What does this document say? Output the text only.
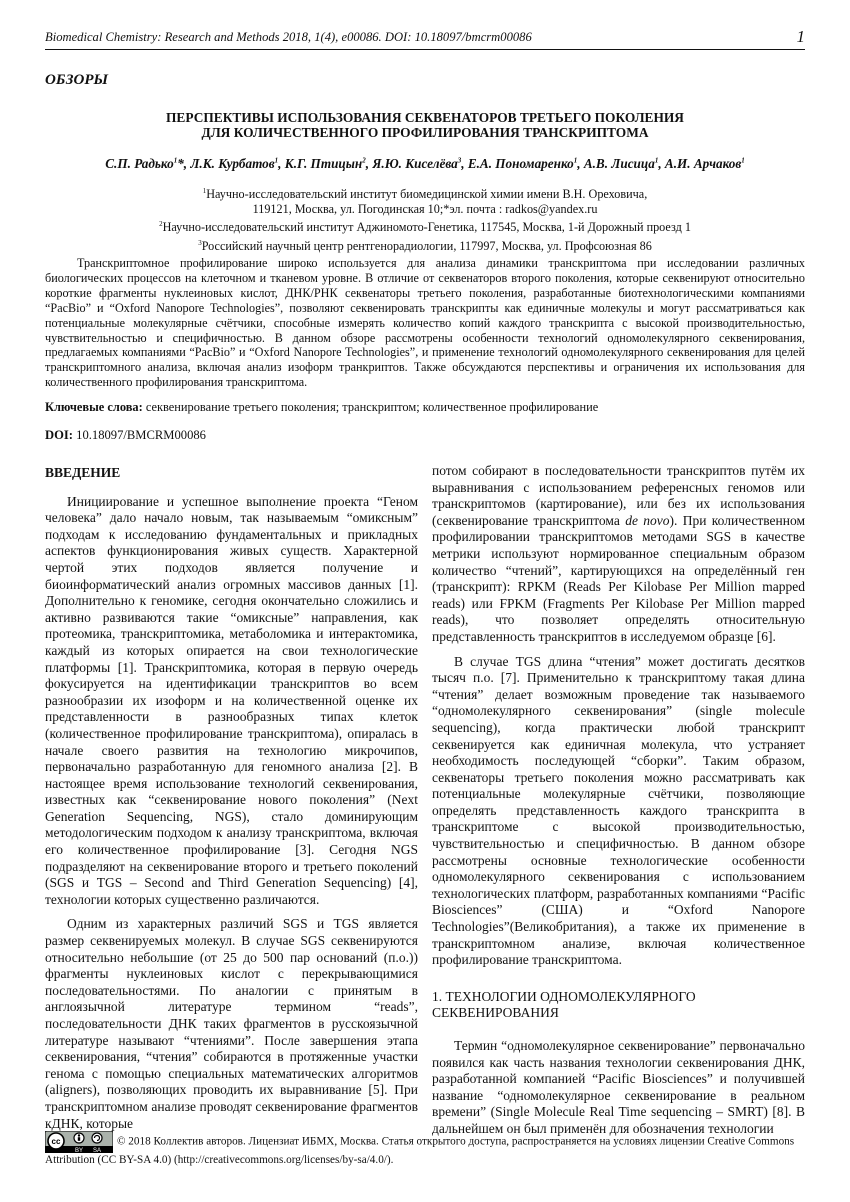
Biomedical Chemistry: Research and Methods 2018, 1(4), e00086. DOI: 10.18097/bmcrm00086	1
ОБЗОРЫ
ПЕРСПЕКТИВЫ ИСПОЛЬЗОВАНИЯ СЕКВЕНАТОРОВ ТРЕТЬЕГО ПОКОЛЕНИЯ
ДЛЯ КОЛИЧЕСТВЕННОГО ПРОФИЛИРОВАНИЯ ТРАНСКРИПТОМА
С.П. Радько$^1$*, Л.К. Курбатов$^1$, К.Г. Птицын$^2$, Я.Ю. Киселёва$^3$, Е.А. Пономаренко$^1$, А.В. Лисица$^1$, А.И. Арчаков$^1$
$^1$Научно-исследовательский институт биомедицинской химии имени В.Н. Ореховича,
119121, Москва, ул. Погодинская 10;*эл. почта : radkos@yandex.ru
$^2$Научно-исследовательский институт Аджиномото-Генетика, 117545, Москва, 1-й Дорожный проезд 1
$^3$Российский научный центр рентгенорадиологии, 117997, Москва, ул. Профсоюзная 86
Транскриптомное профилирование широко используется для анализа динамики транскриптома при исследовании различных биологических процессов на клеточном и тканевом уровне. В отличие от секвенаторов второго поколения, которые секвенируют относительно короткие фрагменты нуклеиновых кислот, ДНК/РНК секвенаторы третьего поколения, разработанные биотехнологическими компаниями “PacBio” и “Oxford Nanopore Technologies”, позволяют секвенировать транскрипты как единичные молекулы и могут рассматриваться как потенциальные молекулярные счётчики, способные измерять количество копий каждого транскрипта с высокой производительностью, чувствительностью и специфичностью. В данном обзоре рассмотрены особенности технологий одномолекулярного секвенирования, предлагаемых компаниями “PacBio” и “Oxford Nanopore Technologies”, и применение технологий одномолекулярного секвенирования для целей транскриптомного анализа, включая анализ изоформ транкриптов. Также обсуждаются перспективы и ограничения их использования для количественного профилирования транскриптома.
Ключевые слова: секвенирование третьего поколения; транскриптом; количественное профилирование
DOI: 10.18097/BMCRM00086
ВВЕДЕНИЕ

Инициирование и успешное выполнение проекта “Геном человека” дало начало новым, так называемым “омиксным” подходам к исследованию фундаментальных и прикладных аспектов функционирования живых существ. Характерной чертой этих подходов является получение и биоинформатический анализ огромных массивов данных [1]. Дополнительно к геномике, сегодня окончательно сложились и активно развиваются такие “омиксные” направления, как протеомика, транскриптомика, метаболомика и интерактомика, каждый из которых опирается на свои технологические платформы [1]. Транскриптомика, которая в первую очередь фокусируется на идентификации транскриптов во всем разнообразии их изоформ и на количественной оценке их представленности в разнообразных типах клеток (количественное профилирование транскриптома), опиралась в начале своего развития на технологию микрочипов, первоначально разработанную для геномного анализа [2]. В настоящее время использование технологий секвенирования, известных как “секвенирование нового поколения” (Next Generation Sequencing, NGS), стало доминирующим методологическим подходом к анализу транскриптома, включая его количественное профилирование [3]. Сегодня NGS подразделяют на секвенирование второго и третьего поколений (SGS и TGS – Second and Third Generation Sequencing) [4], технологии которых существенно различаются.

Одним из характерных различий SGS и TGS является размер секвенируемых молекул. В случае SGS секвенируются относительно небольшие (от 25 до 500 пар оснований (п.о.)) фрагменты нуклеиновых кислот с перекрывающимися последовательностями. По аналогии с принятым в англоязычной литературе термином “reads”, последовательности ДНК таких фрагментов в русскоязычной литературе называют “чтениями”. После завершения этапа секвенирования, “чтения” собираются в протяженные участки генома с помощью специальных математических алгоритмов (aligners), позволяющих проводить их выравнивание [5]. При транскриптомном анализе проводят секвенирование фрагментов кДНК, которые

потом собирают в последовательности транскриптов путём их выравнивания с использованием референсных геномов или транскриптомов (картирование), или без их использования (секвенирование транскриптома de novo). При количественном профилировании транскриптомов методами SGS в качестве метрики используют нормированное специальным образом количество “чтений”, картирующихся на определённый ген (транскрипт): RPKM (Reads Per Kilobase Per Million mapped reads) или FPKM (Fragments Per Kilobase Per Million mapped reads), что позволяет определять относительную представленность транскриптов в исследуемом образце [6].

В случае TGS длина “чтения” может достигать десятков тысяч п.о. [7]. Применительно к транскриптому такая длина “чтения” делает возможным проведение так называемого “одномолекулярного секвенирования” (single molecule sequencing), когда практически любой транскрипт секвенируется как единичная молекула, что устраняет необходимость последующей “сборки”. Таким образом, секвенаторы третьего поколения можно рассматривать как потенциальные молекулярные счётчики, позволяющие определять представленность каждого транскрипта в транскриптоме с высокой производительностью, чувствительностью и специфичностью. В данном обзоре рассмотрены основные технологические особенности одномолекулярного секвенирования с использованием технологических платформ, разработанных компаниями “Pacific Biosciences” (США) и “Oxford Nanopore Technologies”(Великобритания), а также их применение в транскриптомном анализе, включая количественное профилирование транскриптома.

1. ТЕХНОЛОГИИ ОДНОМОЛЕКУЛЯРНОГО СЕКВЕНИРОВАНИЯ

Термин “одномолекулярное секвенирование” первоначально появился как часть названия технологии секвенирования ДНК, разработанной компанией “Pacific Biosciences” и получившей название “одномолекулярное секвенирование в реальном времени” (Single Molecule Real Time sequencing – SMRT) [8]. В дальнейшем он был применён для обозначения технологии

cc
BY SA
© 2018 Коллектив авторов. Лицензиат ИБМХ, Москва. Статья открытого доступа, распространяется на условиях лицензии Creative Commons Attribution (CC BY-SA 4.0) (http://creativecommons.org/licenses/by-sa/4.0/).
